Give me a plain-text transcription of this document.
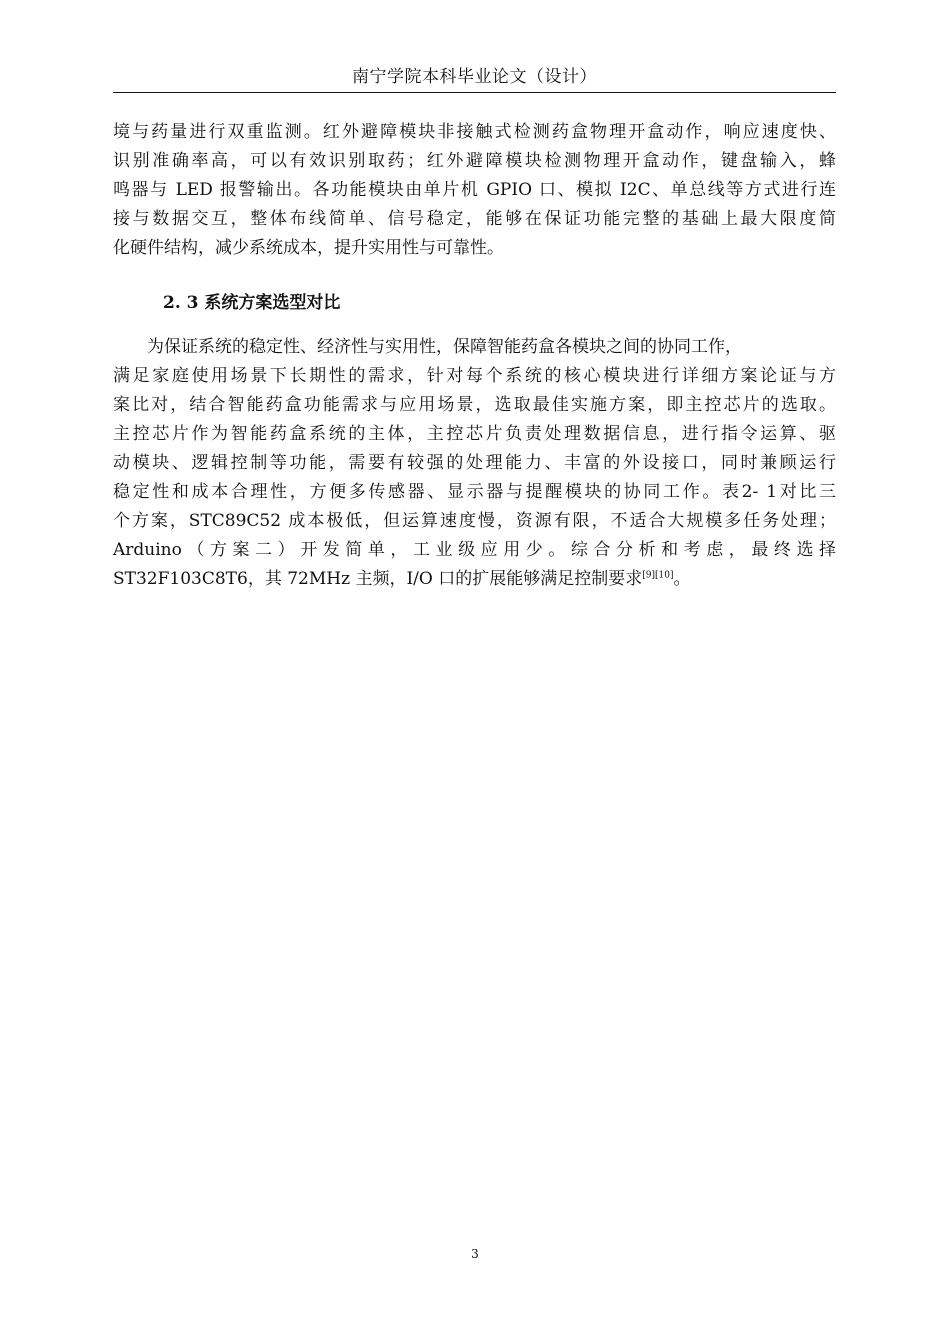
南宁学院本科毕业论文（设计）
境与药量进行双重监测。红外避障模块非接触式检测药盒物理开盒动作，响应速度快、
识别准确率高，可以有效识别取药；红外避障模块检测物理开盒动作，键盘输入，蜂
鸣器与 LED 报警输出。各功能模块由单片机 GPIO 口、模拟 I2C、单总线等方式进行连
接与数据交互，整体布线简单、信号稳定，能够在保证功能完整的基础上最大限度简
化硬件结构，减少系统成本，提升实用性与可靠性。
2. 3 系统方案选型对比
　　为保证系统的稳定性、经济性与实用性，保障智能药盒各模块之间的协同工作，
满足家庭使用场景下长期性的需求，针对每个系统的核心模块进行详细方案论证与方
案比对，结合智能药盒功能需求与应用场景，选取最佳实施方案，即主控芯片的选取。
主控芯片作为智能药盒系统的主体，主控芯片负责处理数据信息，进行指令运算、驱
动模块、逻辑控制等功能，需要有较强的处理能力、丰富的外设接口，同时兼顾运行
稳定性和成本合理性，方便多传感器、显示器与提醒模块的协同工作。表2- 1对比三
个方案，STC89C52 成本极低，但运算速度慢，资源有限，不适合大规模多任务处理；
Arduino（方案二）开发简单，工业级应用少。综合分析和考虑，最终选择
ST32F103C8T6，其 72MHz 主频，I/O 口的扩展能够满足控制要求[9][10]。
3
